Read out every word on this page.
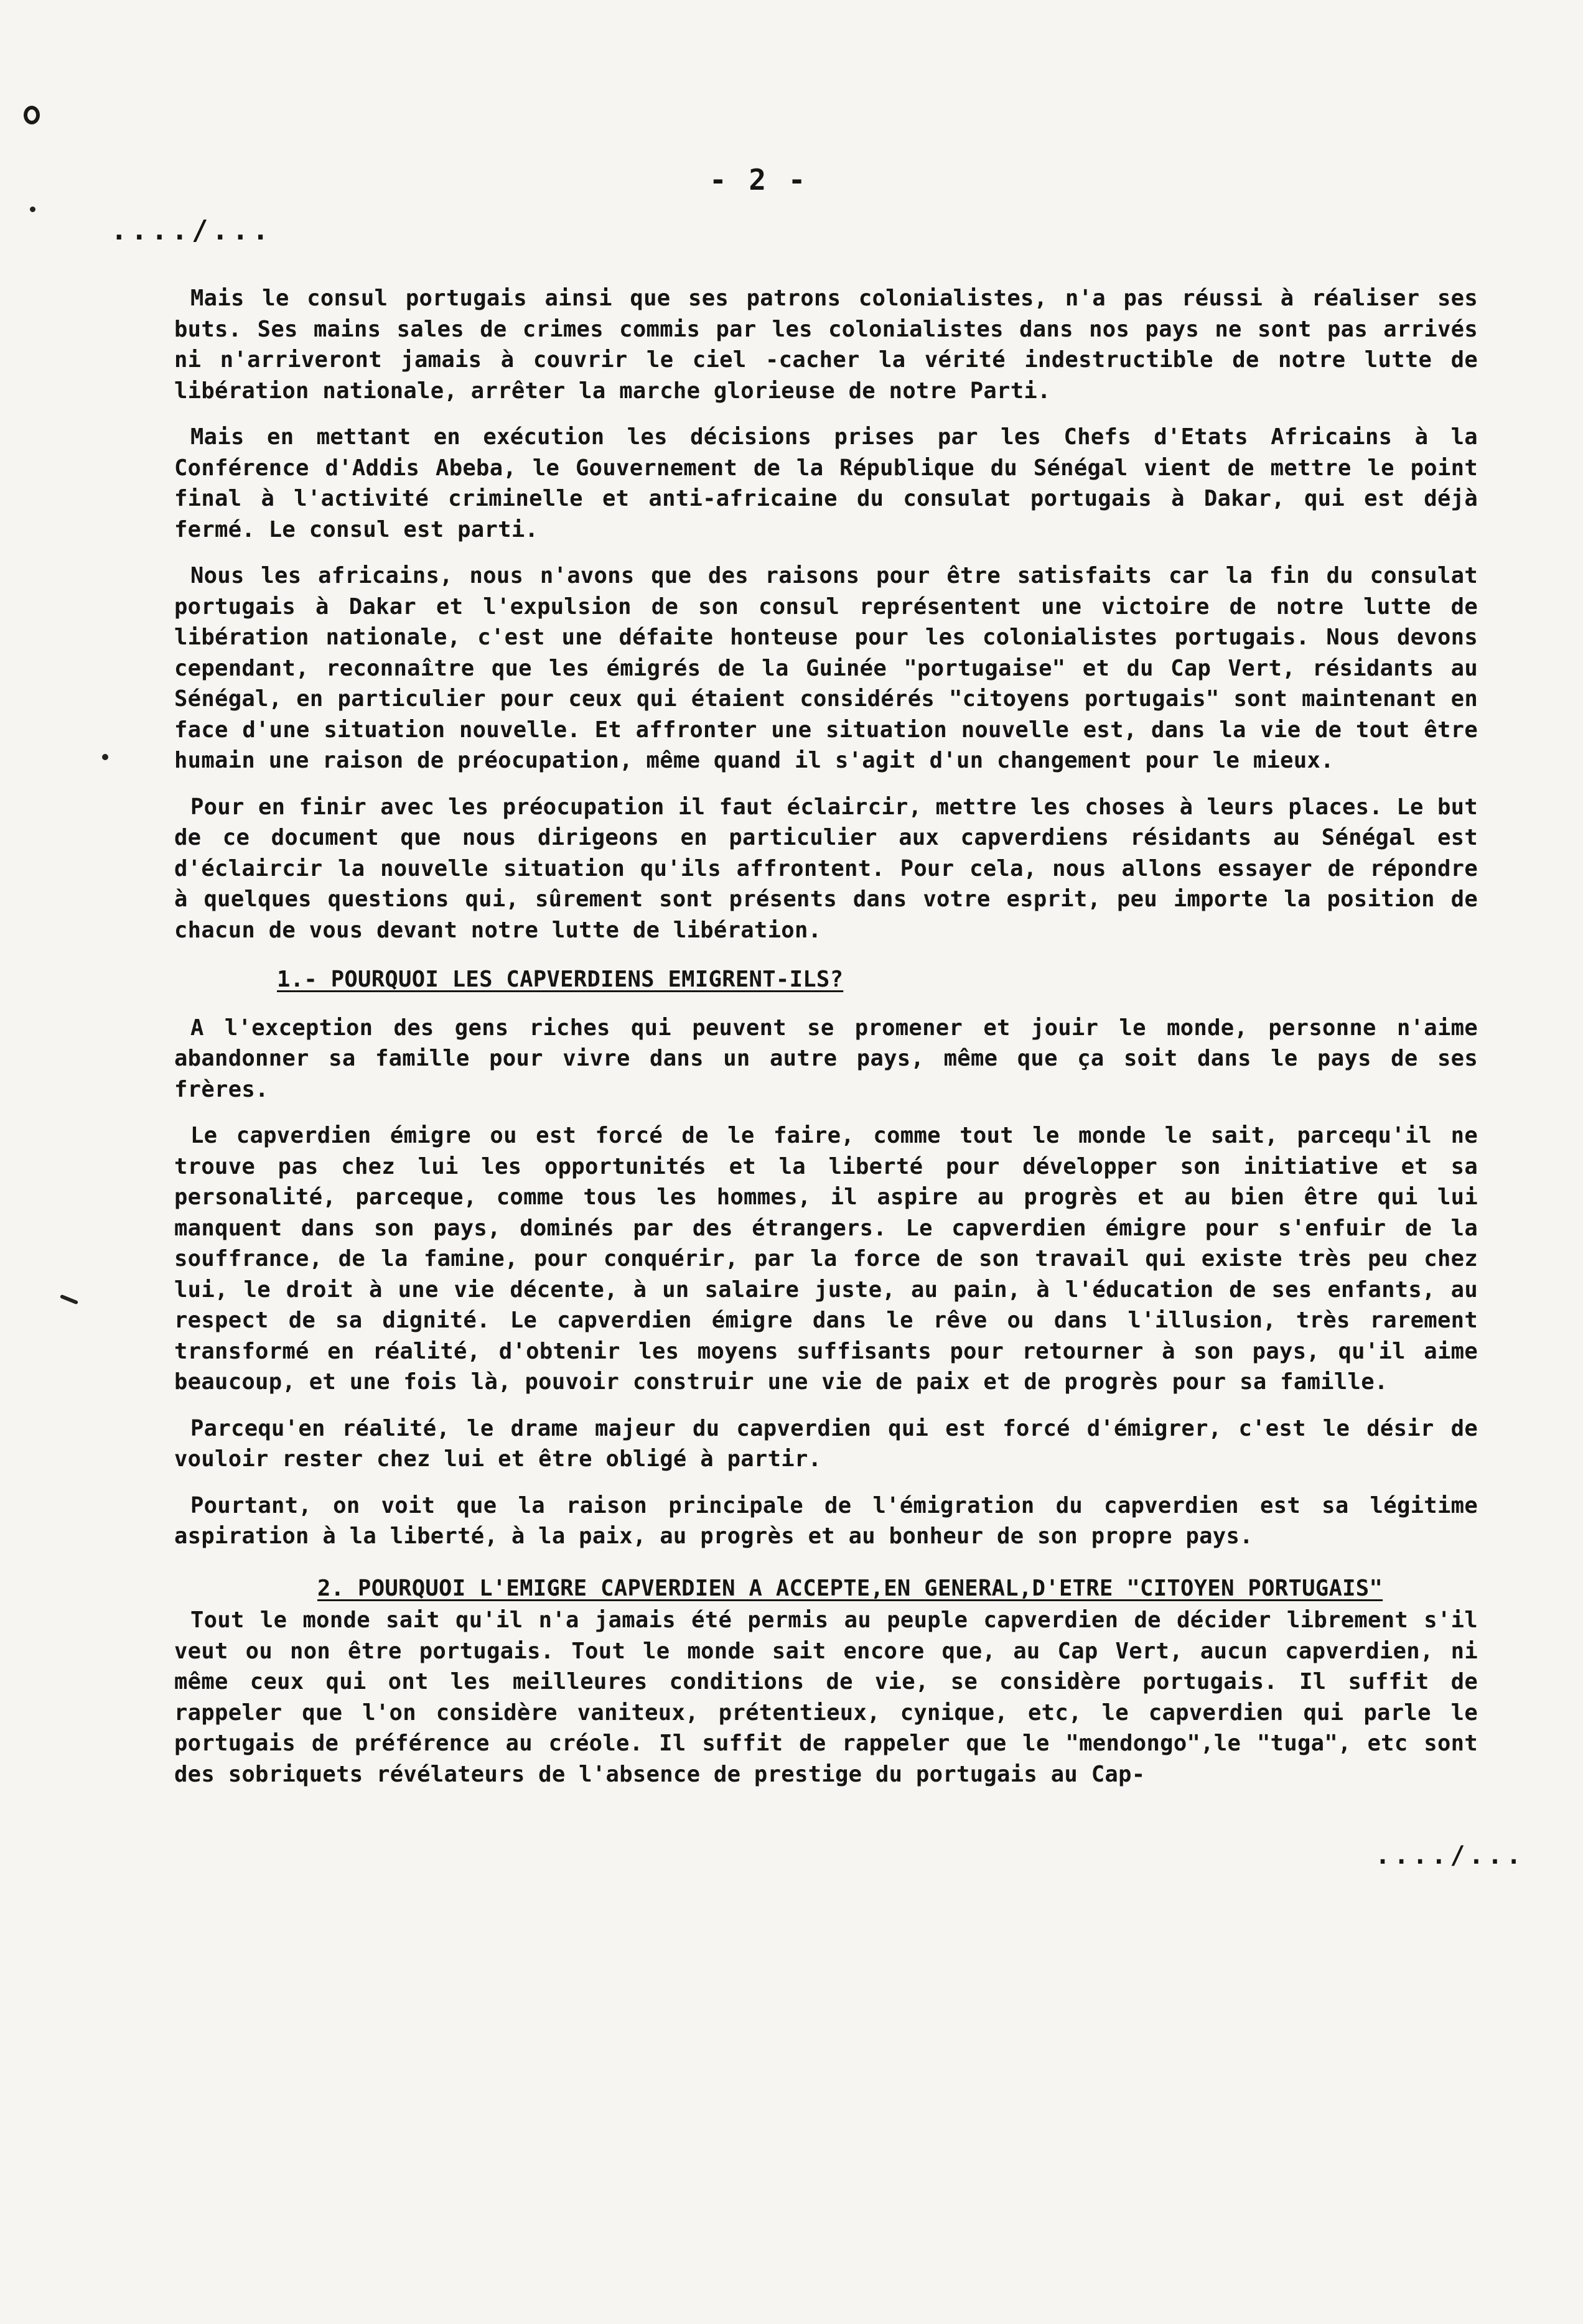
- 2 -
..../...

Mais le consul portugais ainsi que ses patrons colonialistes, n'a pas réussi à réaliser ses buts. Ses mains sales de crimes commis par les colonialistes dans nos pays ne sont pas arrivés ni n'arriveront jamais à couvrir le ciel -cacher la vérité indestructible de notre lutte de libération nationale, arrêter la marche glorieuse de notre Parti.

Mais en mettant en exécution les décisions prises par les Chefs d'Etats Africains à la Conférence d'Addis Abeba, le Gouvernement de la République du Sénégal vient de mettre le point final à l'activité criminelle et anti-africaine du consulat portugais à Dakar, qui est déjà fermé. Le consul est parti.

Nous les africains, nous n'avons que des raisons pour être satisfaits car la fin du consulat portugais à Dakar et l'expulsion de son consul représentent une victoire de notre lutte de libération nationale, c'est une défaite honteuse pour les colonialistes portugais. Nous devons cependant, reconnaître que les émigrés de la Guinée "portugaise" et du Cap Vert, résidants au Sénégal, en particulier pour ceux qui étaient considérés "citoyens portugais" sont maintenant en face d'une situation nouvelle. Et affronter une situation nouvelle est, dans la vie de tout être humain une raison de préocupation, même quand il s'agit d'un changement pour le mieux.

Pour en finir avec les préocupation il faut éclaircir, mettre les choses à leurs places. Le but de ce document que nous dirigeons en particulier aux capverdiens résidants au Sénégal est d'éclaircir la nouvelle situation qu'ils affrontent. Pour cela, nous allons essayer de répondre à quelques questions qui, sûrement sont présents dans votre esprit, peu importe la position de chacun de vous devant notre lutte de libération.

1.- POURQUOI LES CAPVERDIENS EMIGRENT-ILS?

A l'exception des gens riches qui peuvent se promener et jouir le monde, personne n'aime abandonner sa famille pour vivre dans un autre pays, même que ça soit dans le pays de ses frères.

Le capverdien émigre ou est forcé de le faire, comme tout le monde le sait, parcequ'il ne trouve pas chez lui les opportunités et la liberté pour développer son initiative et sa personalité, parceque, comme tous les hommes, il aspire au progrès et au bien être qui lui manquent dans son pays, dominés par des étrangers. Le capverdien émigre pour s'enfuir de la souffrance, de la famine, pour conquérir, par la force de son travail qui existe très peu chez lui, le droit à une vie décente, à un salaire juste, au pain, à l'éducation de ses enfants, au respect de sa dignité. Le capverdien émigre dans le rêve ou dans l'illusion, très rarement transformé en réalité, d'obtenir les moyens suffisants pour retourner à son pays, qu'il aime beaucoup, et une fois là, pouvoir construir une vie de paix et de progrès pour sa famille.

Parcequ'en réalité, le drame majeur du capverdien qui est forcé d'émigrer, c'est le désir de vouloir rester chez lui et être obligé à partir.

Pourtant, on voit que la raison principale de l'émigration du capverdien est sa légitime aspiration à la liberté, à la paix, au progrès et au bonheur de son propre pays.

2. POURQUOI L'EMIGRE CAPVERDIEN A ACCEPTE,EN GENERAL,D'ETRE "CITOYEN PORTUGAIS"

Tout le monde sait qu'il n'a jamais été permis au peuple capverdien de décider librement s'il veut ou non être portugais. Tout le monde sait encore que, au Cap Vert, aucun capverdien, ni même ceux qui ont les meilleures conditions de vie, se considère portugais. Il suffit de rappeler que l'on considère vaniteux, prétentieux, cynique, etc, le capverdien qui parle le portugais de préférence au créole. Il suffit de rappeler que le "mendongo",le "tuga", etc sont des sobriquets révélateurs de l'absence de prestige du portugais au Cap-

..../...
